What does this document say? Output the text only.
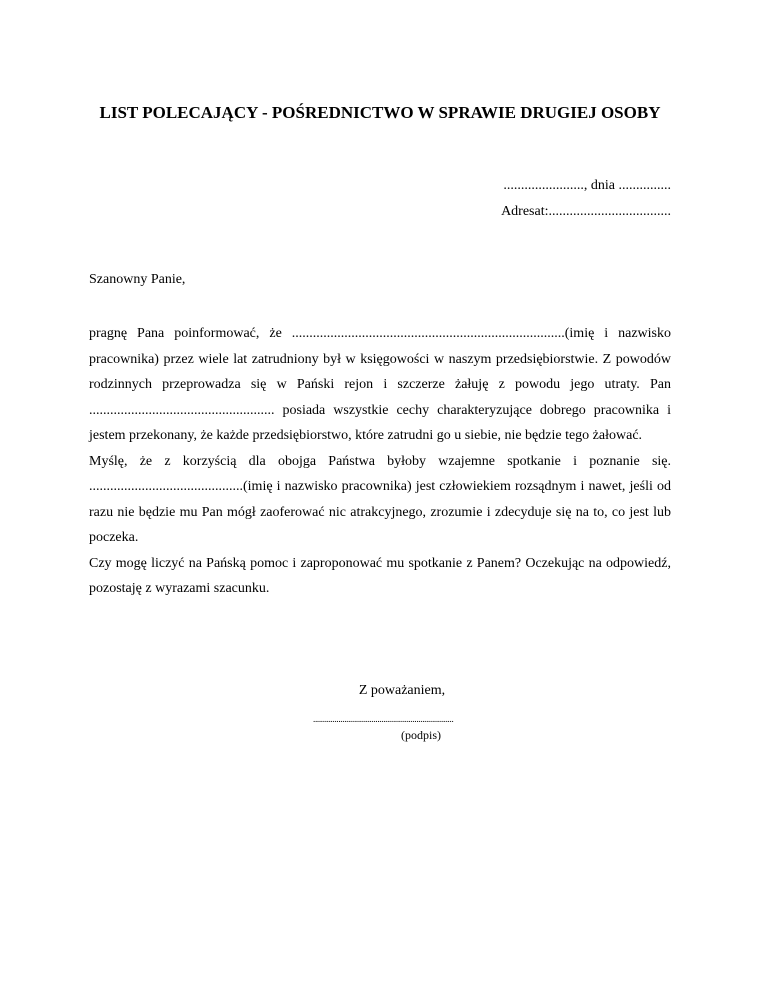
LIST POLECAJĄCY - POŚREDNICTWO W SPRAWIE DRUGIEJ OSOBY
......................., dnia ...............
Adresat:...................................
Szanowny Panie,

pragnę Pana poinformować, że ..............................................................................(imię i nazwisko pracownika) przez wiele lat zatrudniony był w księgowości w naszym przedsiębiorstwie. Z powodów rodzinnych przeprowadza się w Pański rejon i szczerze żałuję z powodu jego utraty. Pan ..................................................... posiada wszystkie cechy charakteryzujące dobrego pracownika i jestem przekonany, że każde przedsiębiorstwo, które zatrudni go u siebie, nie będzie tego żałować.

Myślę, że z korzyścią dla obojga Państwa byłoby wzajemne spotkanie i poznanie się. ............................................(imię i nazwisko pracownika) jest człowiekiem rozsądnym i nawet, jeśli od razu nie będzie mu Pan mógł zaoferować nic atrakcyjnego, zrozumie i zdecyduje się na to, co jest lub poczeka.

Czy mogę liczyć na Pańską pomoc i zaproponować mu spotkanie z Panem? Oczekując na odpowiedź, pozostaję z wyrazami szacunku.

Z poważaniem,
........................................................................
(podpis)
